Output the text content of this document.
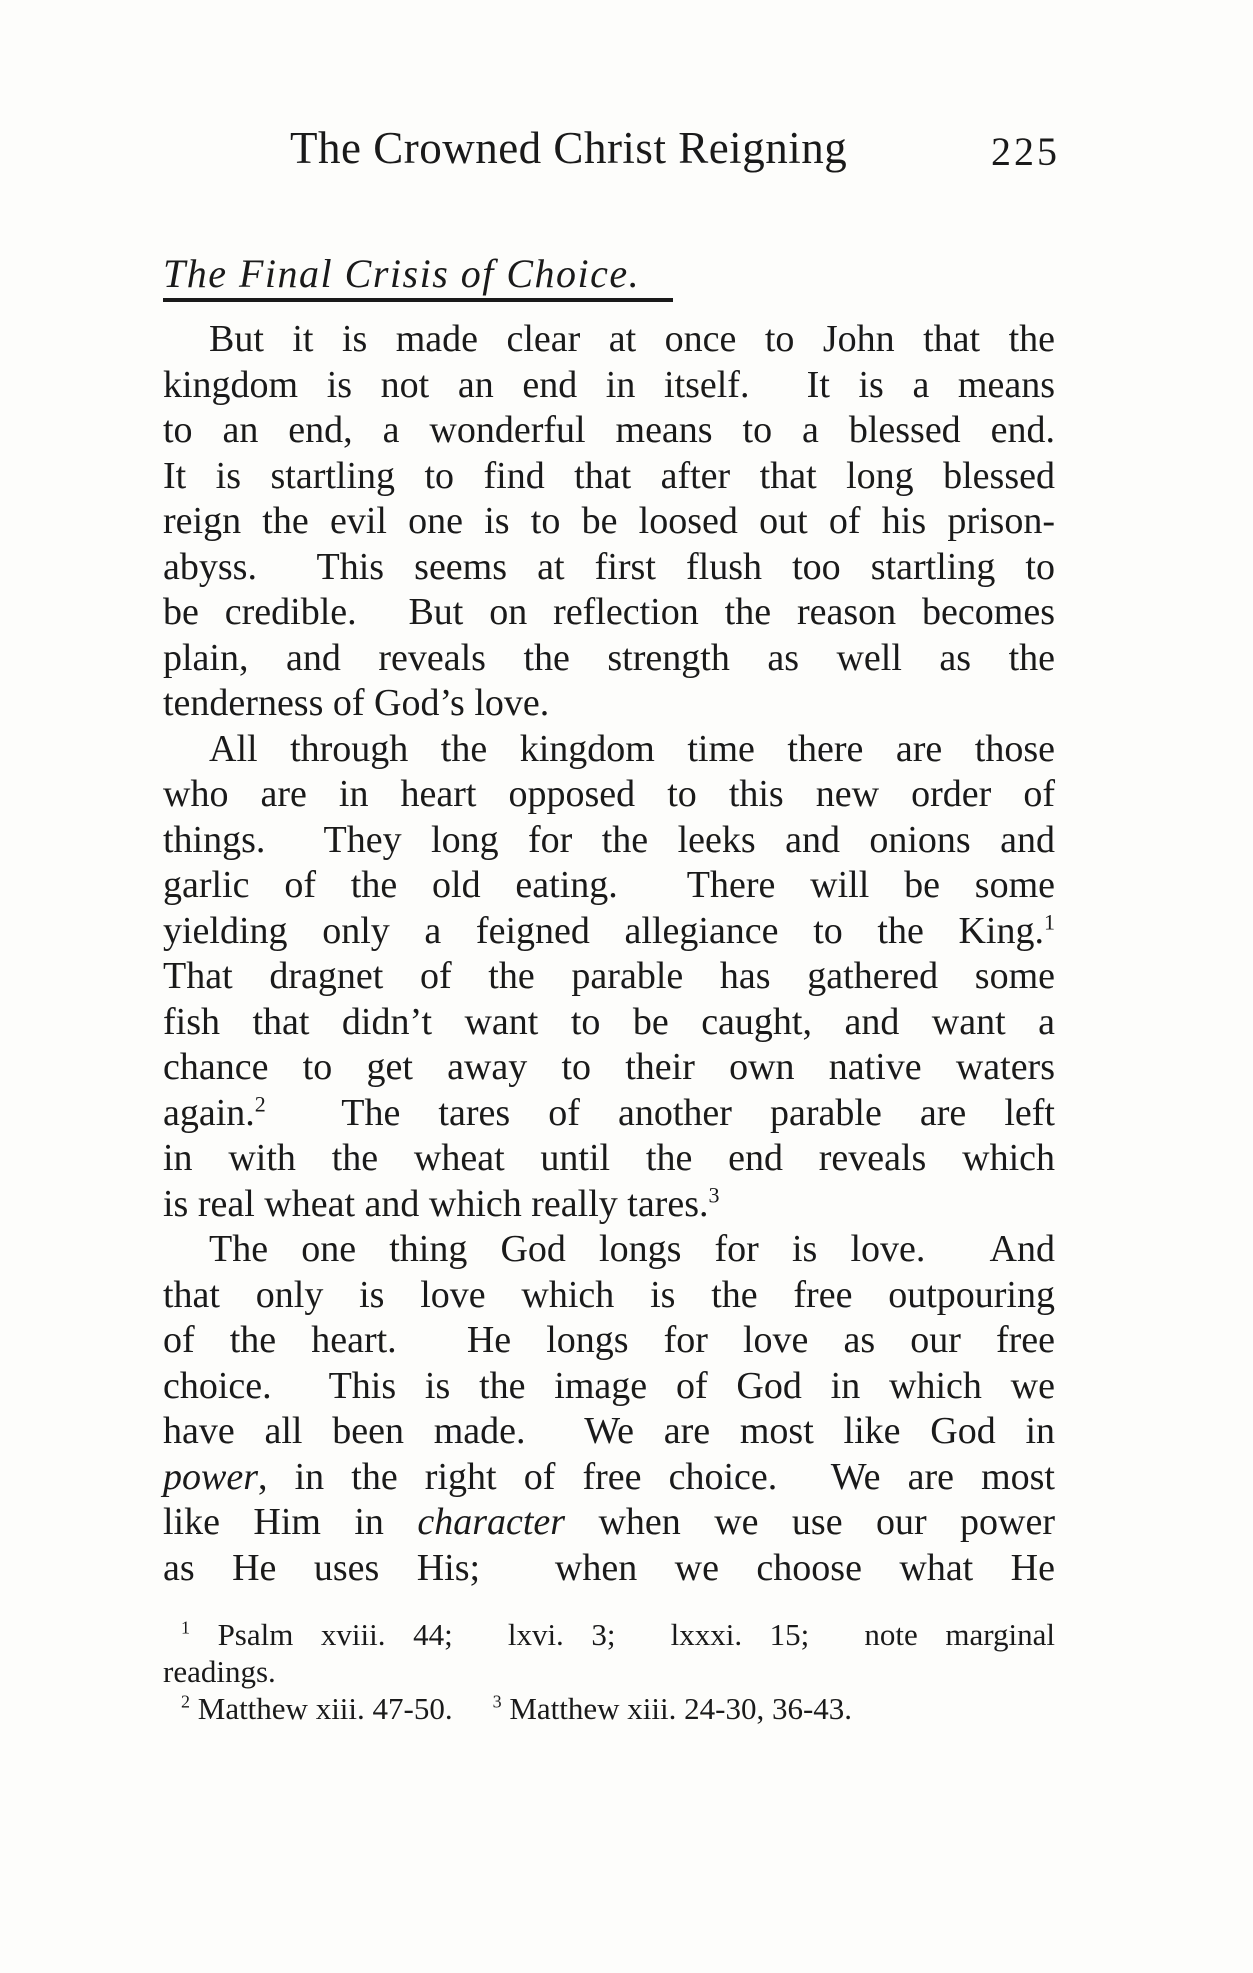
The Crowned Christ Reigning	225
The Final Crisis of Choice.
But it is made clear at once to John that the
kingdom is not an end in itself.  It is a means
to an end, a wonderful means to a blessed end.
It is startling to find that after that long blessed
reign the evil one is to be loosed out of his prison-
abyss.  This seems at first flush too startling to
be credible.  But on reflection the reason becomes
plain, and reveals the strength as well as the
tenderness of God’s love.
All through the kingdom time there are those
who are in heart opposed to this new order of
things.  They long for the leeks and onions and
garlic of the old eating.  There will be some
yielding only a feigned allegiance to the King.$^1$
That dragnet of the parable has gathered some
fish that didn’t want to be caught, and want a
chance to get away to their own native waters
again.$^2$  The tares of another parable are left
in with the wheat until the end reveals which
is real wheat and which really tares.$^3$
The one thing God longs for is love.  And
that only is love which is the free outpouring
of the heart.  He longs for love as our free
choice.  This is the image of God in which we
have all been made.  We are most like God in
power, in the right of free choice.  We are most
like Him in character when we use our power
as He uses His;  when we choose what He
$^1$ Psalm xviii. 44;  lxvi. 3;  lxxxi. 15;  note marginal
readings.
$^2$ Matthew xiii. 47-50. $^3$ Matthew xiii. 24-30, 36-43.
